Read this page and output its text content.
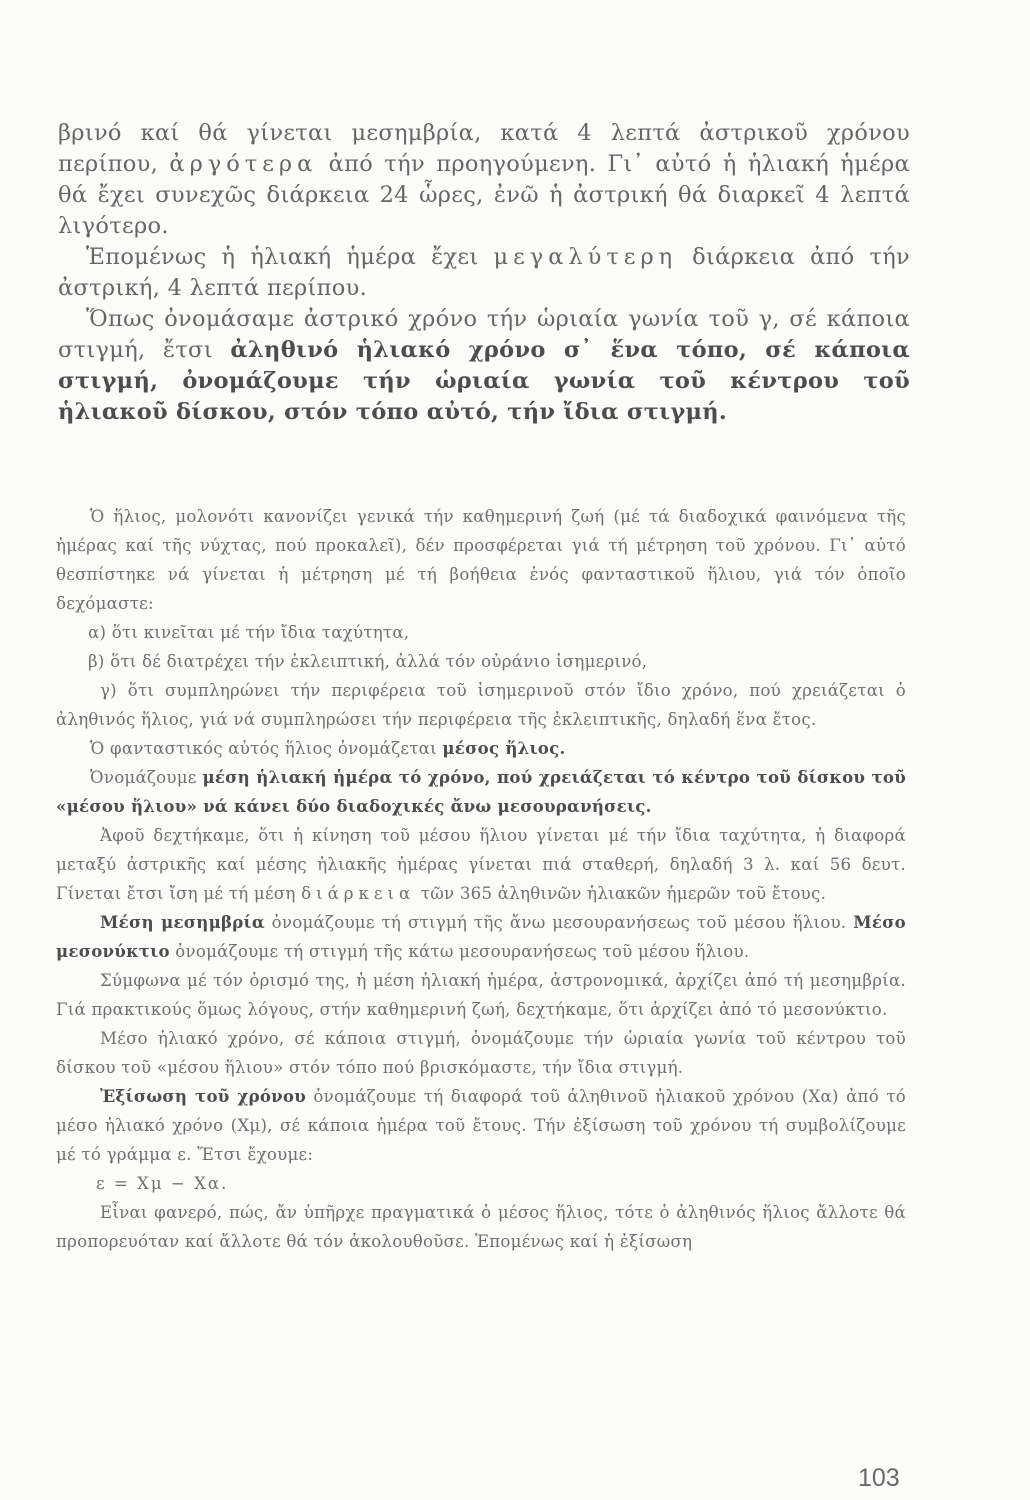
βρινό καί θά γίνεται μεσημβρία, κατά 4 λεπτά ἀστρικοῦ χρόνου περίπου, ἀργότερα ἀπό τήν προηγούμενη. Γι᾽ αὐτό ἡ ἡλιακή ἡμέρα θά ἔχει συνεχῶς διάρκεια 24 ὧρες, ἐνῶ ἡ ἀστρική θά διαρκεῖ 4 λεπτά λιγότερο.

Ἑπομένως ἡ ἡλιακή ἡμέρα ἔχει μεγαλύτερη διάρκεια ἀπό τήν ἀστρική, 4 λεπτά περίπου.

Ὅπως ὀνομάσαμε ἀστρικό χρόνο τήν ὡριαία γωνία τοῦ γ, σέ κάποια στιγμή, ἔτσι ἀληθινό ἡλιακό χρόνο σ᾽ ἕνα τόπο, σέ κάποια στιγμή, ὀνομάζουμε τήν ὡριαία γωνία τοῦ κέντρου τοῦ ἡλιακοῦ δίσκου, στόν τόπο αὐτό, τήν ἴδια στιγμή.

Ὁ ἥλιος, μολονότι κανονίζει γενικά τήν καθημερινή ζωή (μέ τά διαδοχικά φαινόμενα τῆς ἡμέρας καί τῆς νύχτας, πού προκαλεῖ), δέν προσφέρεται γιά τή μέτρηση τοῦ χρόνου. Γι᾽ αὐτό θεσπίστηκε νά γίνεται ἡ μέτρηση μέ τή βοήθεια ἑνός φανταστικοῦ ἥλιου, γιά τόν ὁποῖο δεχόμαστε:

α) ὅτι κινεῖται μέ τήν ἴδια ταχύτητα,

β) ὅτι δέ διατρέχει τήν ἐκλειπτική, ἀλλά τόν οὐράνιο ἰσημερινό,

γ) ὅτι συμπληρώνει τήν περιφέρεια τοῦ ἰσημερινοῦ στόν ἴδιο χρόνο, πού χρειάζεται ὁ ἀληθινός ἥλιος, γιά νά συμπληρώσει τήν περιφέρεια τῆς ἐκλειπτικῆς, δηλαδή ἕνα ἔτος.

Ὁ φανταστικός αὐτός ἥλιος ὀνομάζεται μέσος ἥλιος.

Ὀνομάζουμε μέση ἡλιακή ἡμέρα τό χρόνο, πού χρειάζεται τό κέντρο τοῦ δίσκου τοῦ «μέσου ἥλιου» νά κάνει δύο διαδοχικές ἄνω μεσουρανήσεις.

Ἀφοῦ δεχτήκαμε, ὅτι ἡ κίνηση τοῦ μέσου ἥλιου γίνεται μέ τήν ἴδια ταχύτητα, ἡ διαφορά μεταξύ ἀστρικῆς καί μέσης ἡλιακῆς ἡμέρας γίνεται πιά σταθερή, δηλαδή 3 λ. καί 56 δευτ. Γίνεται ἔτσι ἴση μέ τή μέση διάρκεια τῶν 365 ἀληθινῶν ἡλιακῶν ἡμερῶν τοῦ ἔτους.

Μέση μεσημβρία ὀνομάζουμε τή στιγμή τῆς ἄνω μεσουρανήσεως τοῦ μέσου ἥλιου. Μέσο μεσονύκτιο ὀνομάζουμε τή στιγμή τῆς κάτω μεσουρανήσεως τοῦ μέσου ἥλιου.

Σύμφωνα μέ τόν ὁρισμό της, ἡ μέση ἡλιακή ἡμέρα, ἀστρονομικά, ἀρχίζει ἀπό τή μεσημβρία. Γιά πρακτικούς ὅμως λόγους, στήν καθημερινή ζωή, δεχτήκαμε, ὅτι ἀρχίζει ἀπό τό μεσονύκτιο.

Μέσο ἡλιακό χρόνο, σέ κάποια στιγμή, ὀνομάζουμε τήν ὡριαία γωνία τοῦ κέντρου τοῦ δίσκου τοῦ «μέσου ἥλιου» στόν τόπο πού βρισκόμαστε, τήν ἴδια στιγμή.

Ἐξίσωση τοῦ χρόνου ὀνομάζουμε τή διαφορά τοῦ ἀληθινοῦ ἡλιακοῦ χρόνου (Χα) ἀπό τό μέσο ἡλιακό χρόνο (Χμ), σέ κάποια ἡμέρα τοῦ ἔτους. Τήν ἐξίσωση τοῦ χρόνου τή συμβολίζουμε μέ τό γράμμα ε. Ἔτσι ἔχουμε:

ε = Χμ − Χα.

Εἶναι φανερό, πώς, ἄν ὑπῆρχε πραγματικά ὁ μέσος ἥλιος, τότε ὁ ἀληθινός ἥλιος ἄλλοτε θά προπορευόταν καί ἄλλοτε θά τόν ἀκολουθοῦσε. Ἑπομένως καί ἡ ἐξίσωση

103
